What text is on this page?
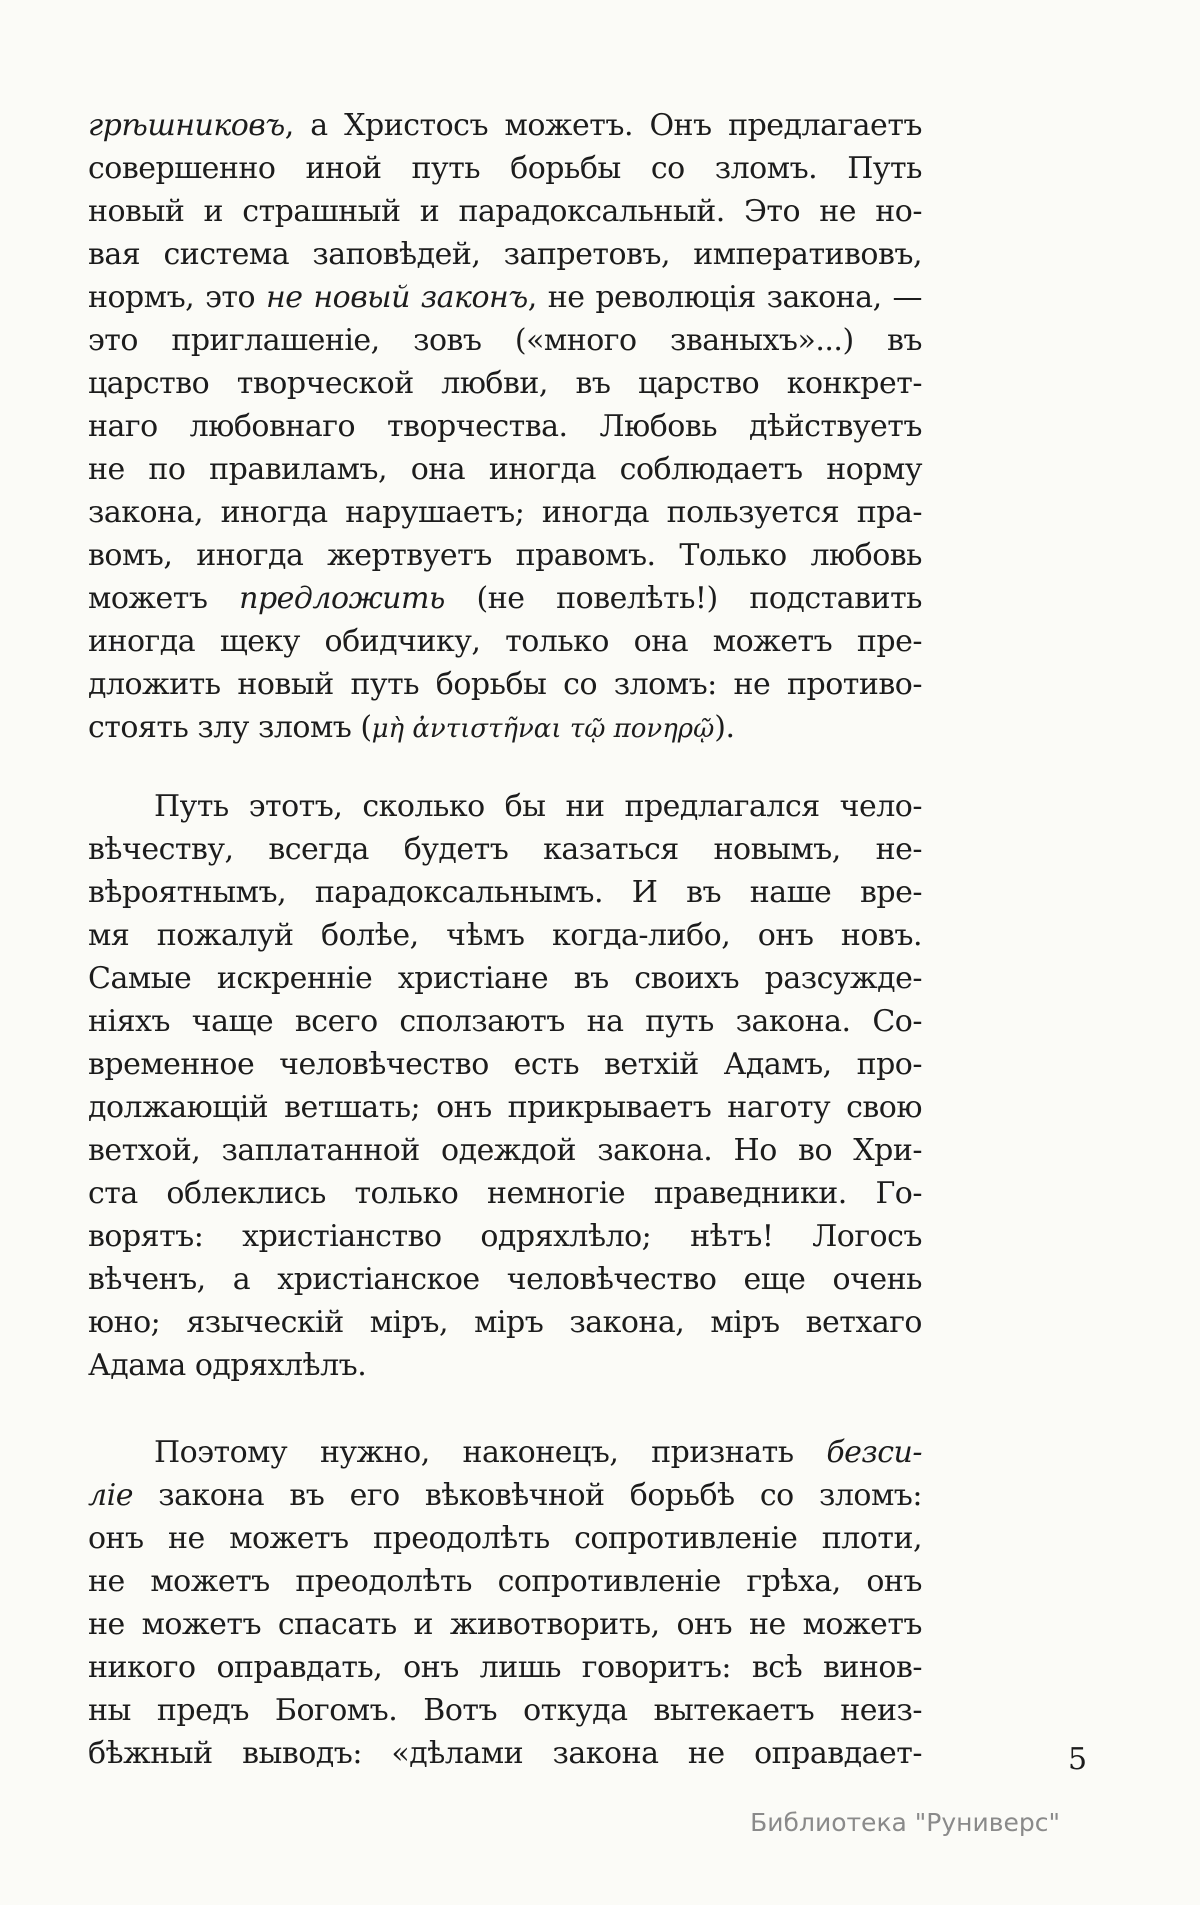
грѣшниковъ, а Христосъ можетъ. Онъ предлагаетъ
совершенно иной путь борьбы со зломъ. Путь
новый и страшный и парадоксальный. Это не но-
вая система заповѣдей, запретовъ, императивовъ,
нормъ, это не новый законъ, не революція закона, —
это приглашеніе, зовъ («много званыхъ»...) въ
царство творческой любви, въ царство конкрет-
наго любовнаго творчества. Любовь дѣйствуетъ
не по правиламъ, она иногда соблюдаетъ норму
закона, иногда нарушаетъ; иногда пользуется пра-
вомъ, иногда жертвуетъ правомъ. Только любовь
можетъ предложить (не повелѣть!) подставить
иногда щеку обидчику, только она можетъ пре-
дложить новый путь борьбы со зломъ: не противо-
стоять злу зломъ (μὴ ἀντιστῆναι τῷ πονηρῷ).
Путь этотъ, сколько бы ни предлагался чело-
вѣчеству, всегда будетъ казаться новымъ, не-
вѣроятнымъ, парадоксальнымъ. И въ наше вре-
мя пожалуй болѣе, чѣмъ когда-либо, онъ новъ.
Самые искренніе христіане въ своихъ разсужде-
ніяхъ чаще всего сползаютъ на путь закона. Со-
временное человѣчество есть ветхій Адамъ, про-
должающій ветшать; онъ прикрываетъ наготу свою
ветхой, заплатанной одеждой закона. Но во Хри-
ста облеклись только немногіе праведники. Го-
ворятъ: христіанство одряхлѣло; нѣтъ! Логосъ
вѣченъ, а христіанское человѣчество еще очень
юно; языческій міръ, міръ закона, міръ ветхаго
Адама одряхлѣлъ.
Поэтому нужно, наконецъ, признать безси-
ліе закона въ его вѣковѣчной борьбѣ со зломъ:
онъ не можетъ преодолѣть сопротивленіе плоти,
не можетъ преодолѣть сопротивленіе грѣха, онъ
не можетъ спасать и животворить, онъ не можетъ
никого оправдать, онъ лишь говоритъ: всѣ винов-
ны предъ Богомъ. Вотъ откуда вытекаетъ неиз-
бѣжный выводъ: «дѣлами закона не оправдает-	5
Библиотека "Руниверс"
